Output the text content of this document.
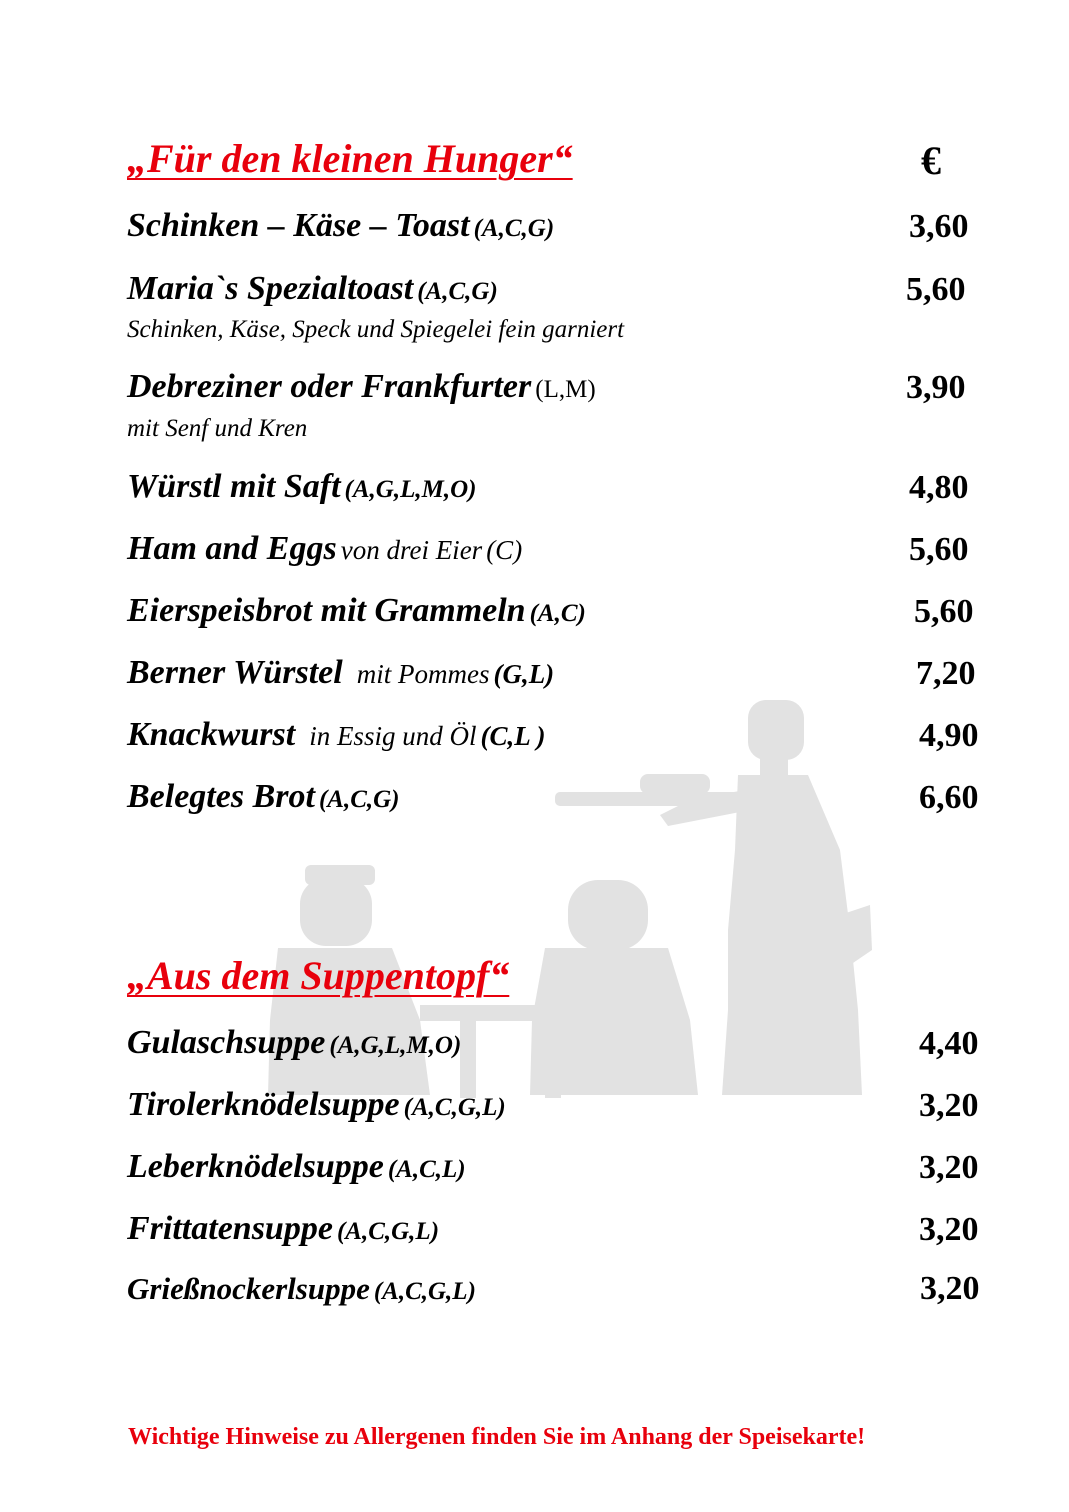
„Für den kleinen Hunger“	€
Schinken – Käse – Toast (A,C,G)	3,60
Maria`s Spezialtoast (A,C,G)	5,60
Schinken, Käse, Speck und Spiegelei fein garniert
Debreziner oder Frankfurter (L,M)	3,90
mit Senf und Kren
Würstl mit Saft (A,G,L,M,O)	4,80
Ham and Eggs von drei Eier (C)	5,60
Eierspeisbrot mit Grammeln (A,C)	5,60
Berner Würstel mit Pommes (G,L)	7,20
Knackwurst in Essig und Öl (C,L )	4,90
Belegtes Brot (A,C,G)	6,60
„Aus dem Suppentopf“
Gulaschsuppe (A,G,L,M,O)	4,40
Tirolerknödelsuppe (A,C,G,L)	3,20
Leberknödelsuppe (A,C,L)	3,20
Frittatensuppe (A,C,G,L)	3,20
Grießnockerlsuppe (A,C,G,L)	3,20
Wichtige Hinweise zu Allergenen finden Sie im Anhang der Speisekarte!
